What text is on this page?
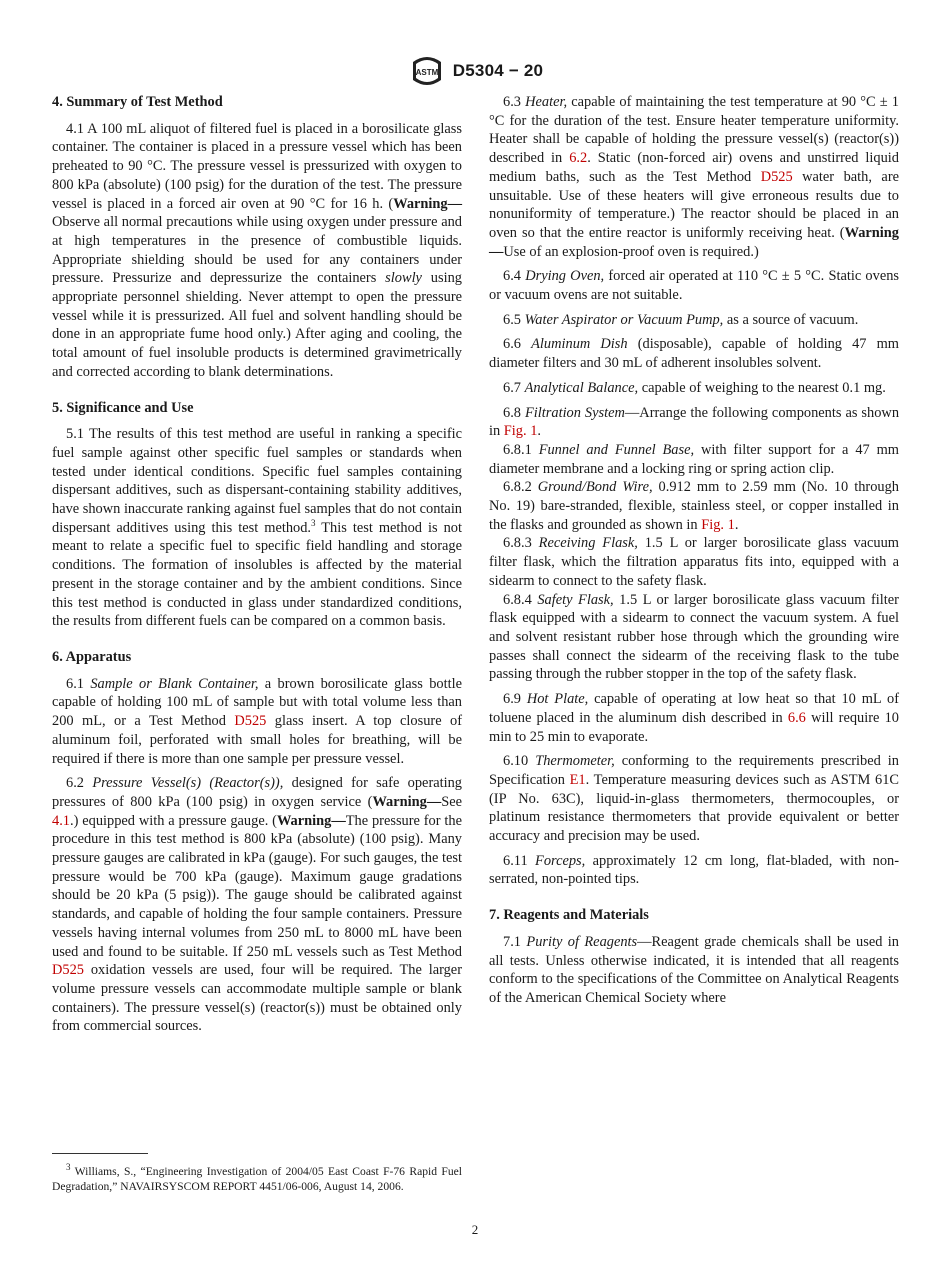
ASTM D5304 − 20
4. Summary of Test Method

4.1 A 100 mL aliquot of filtered fuel is placed in a borosilicate glass container. The container is placed in a pressure vessel which has been preheated to 90 °C. The pressure vessel is pressurized with oxygen to 800 kPa (absolute) (100 psig) for the duration of the test. The pressure vessel is placed in a forced air oven at 90 °C for 16 h. (Warning—Observe all normal precautions while using oxygen under pressure and at high temperatures in the presence of combustible liquids. Appropriate shielding should be used for any containers under pressure. Pressurize and depressurize the containers slowly using appropriate personnel shielding. Never attempt to open the pressure vessel while it is pressurized. All fuel and solvent handling should be done in an appropriate fume hood only.) After aging and cooling, the total amount of fuel insoluble products is determined gravimetrically and corrected according to blank determinations.

5. Significance and Use

5.1 The results of this test method are useful in ranking a specific fuel sample against other specific fuel samples or standards when tested under identical conditions. Specific fuel samples containing dispersant additives, such as dispersant-containing stability additives, have shown inaccurate ranking against fuel samples that do not contain dispersant additives using this test method.$^3$ This test method is not meant to relate a specific fuel to specific field handling and storage conditions. The formation of insolubles is affected by the material present in the storage container and by the ambient conditions. Since this test method is conducted in glass under standardized conditions, the results from different fuels can be compared on a common basis.

6. Apparatus

6.1 Sample or Blank Container, a brown borosilicate glass bottle capable of holding 100 mL of sample but with total volume less than 200 mL, or a Test Method D525 glass insert. A top closure of aluminum foil, perforated with small holes for breathing, will be required if there is more than one sample per pressure vessel.

6.2 Pressure Vessel(s) (Reactor(s)), designed for safe operating pressures of 800 kPa (100 psig) in oxygen service (Warning—See 4.1.) equipped with a pressure gauge. (Warning—The pressure for the procedure in this test method is 800 kPa (absolute) (100 psig). Many pressure gauges are calibrated in kPa (gauge). For such gauges, the test pressure would be 700 kPa (gauge). Maximum gauge gradations should be 20 kPa (5 psig)). The gauge should be calibrated against standards, and capable of holding the four sample containers. Pressure vessels having internal volumes from 250 mL to 8000 mL have been used and found to be suitable. If 250 mL vessels such as Test Method D525 oxidation vessels are used, four will be required. The larger volume pressure vessels can accommodate multiple sample or blank containers). The pressure vessel(s) (reactor(s)) must be obtained only from commercial sources.

6.3 Heater, capable of maintaining the test temperature at 90 °C ± 1 °C for the duration of the test. Ensure heater temperature uniformity. Heater shall be capable of holding the pressure vessel(s) (reactor(s)) described in 6.2. Static (non-forced air) ovens and unstirred liquid medium baths, such as the Test Method D525 water bath, are unsuitable. Use of these heaters will give erroneous results due to nonuniformity of temperature.) The reactor should be placed in an oven so that the entire reactor is uniformly receiving heat. (Warning—Use of an explosion-proof oven is required.)

6.4 Drying Oven, forced air operated at 110 °C ± 5 °C. Static ovens or vacuum ovens are not suitable.

6.5 Water Aspirator or Vacuum Pump, as a source of vacuum.

6.6 Aluminum Dish (disposable), capable of holding 47 mm diameter filters and 30 mL of adherent insolubles solvent.

6.7 Analytical Balance, capable of weighing to the nearest 0.1 mg.

6.8 Filtration System—Arrange the following components as shown in Fig. 1.

6.8.1 Funnel and Funnel Base, with filter support for a 47 mm diameter membrane and a locking ring or spring action clip.

6.8.2 Ground/Bond Wire, 0.912 mm to 2.59 mm (No. 10 through No. 19) bare-stranded, flexible, stainless steel, or copper installed in the flasks and grounded as shown in Fig. 1.

6.8.3 Receiving Flask, 1.5 L or larger borosilicate glass vacuum filter flask, which the filtration apparatus fits into, equipped with a sidearm to connect to the safety flask.

6.8.4 Safety Flask, 1.5 L or larger borosilicate glass vacuum filter flask equipped with a sidearm to connect the vacuum system. A fuel and solvent resistant rubber hose through which the grounding wire passes shall connect the sidearm of the receiving flask to the tube passing through the rubber stopper in the top of the safety flask.

6.9 Hot Plate, capable of operating at low heat so that 10 mL of toluene placed in the aluminum dish described in 6.6 will require 10 min to 25 min to evaporate.

6.10 Thermometer, conforming to the requirements prescribed in Specification E1. Temperature measuring devices such as ASTM 61C (IP No. 63C), liquid-in-glass thermometers, thermocouples, or platinum resistance thermometers that provide equivalent or better accuracy and precision may be used.

6.11 Forceps, approximately 12 cm long, flat-bladed, with non-serrated, non-pointed tips.

7. Reagents and Materials

7.1 Purity of Reagents—Reagent grade chemicals shall be used in all tests. Unless otherwise indicated, it is intended that all reagents conform to the specifications of the Committee on Analytical Reagents of the American Chemical Society where

$^3$ Williams, S., “Engineering Investigation of 2004/05 East Coast F-76 Rapid Fuel Degradation,” NAVAIRSYSCOM REPORT 4451/06-006, August 14, 2006.
2
